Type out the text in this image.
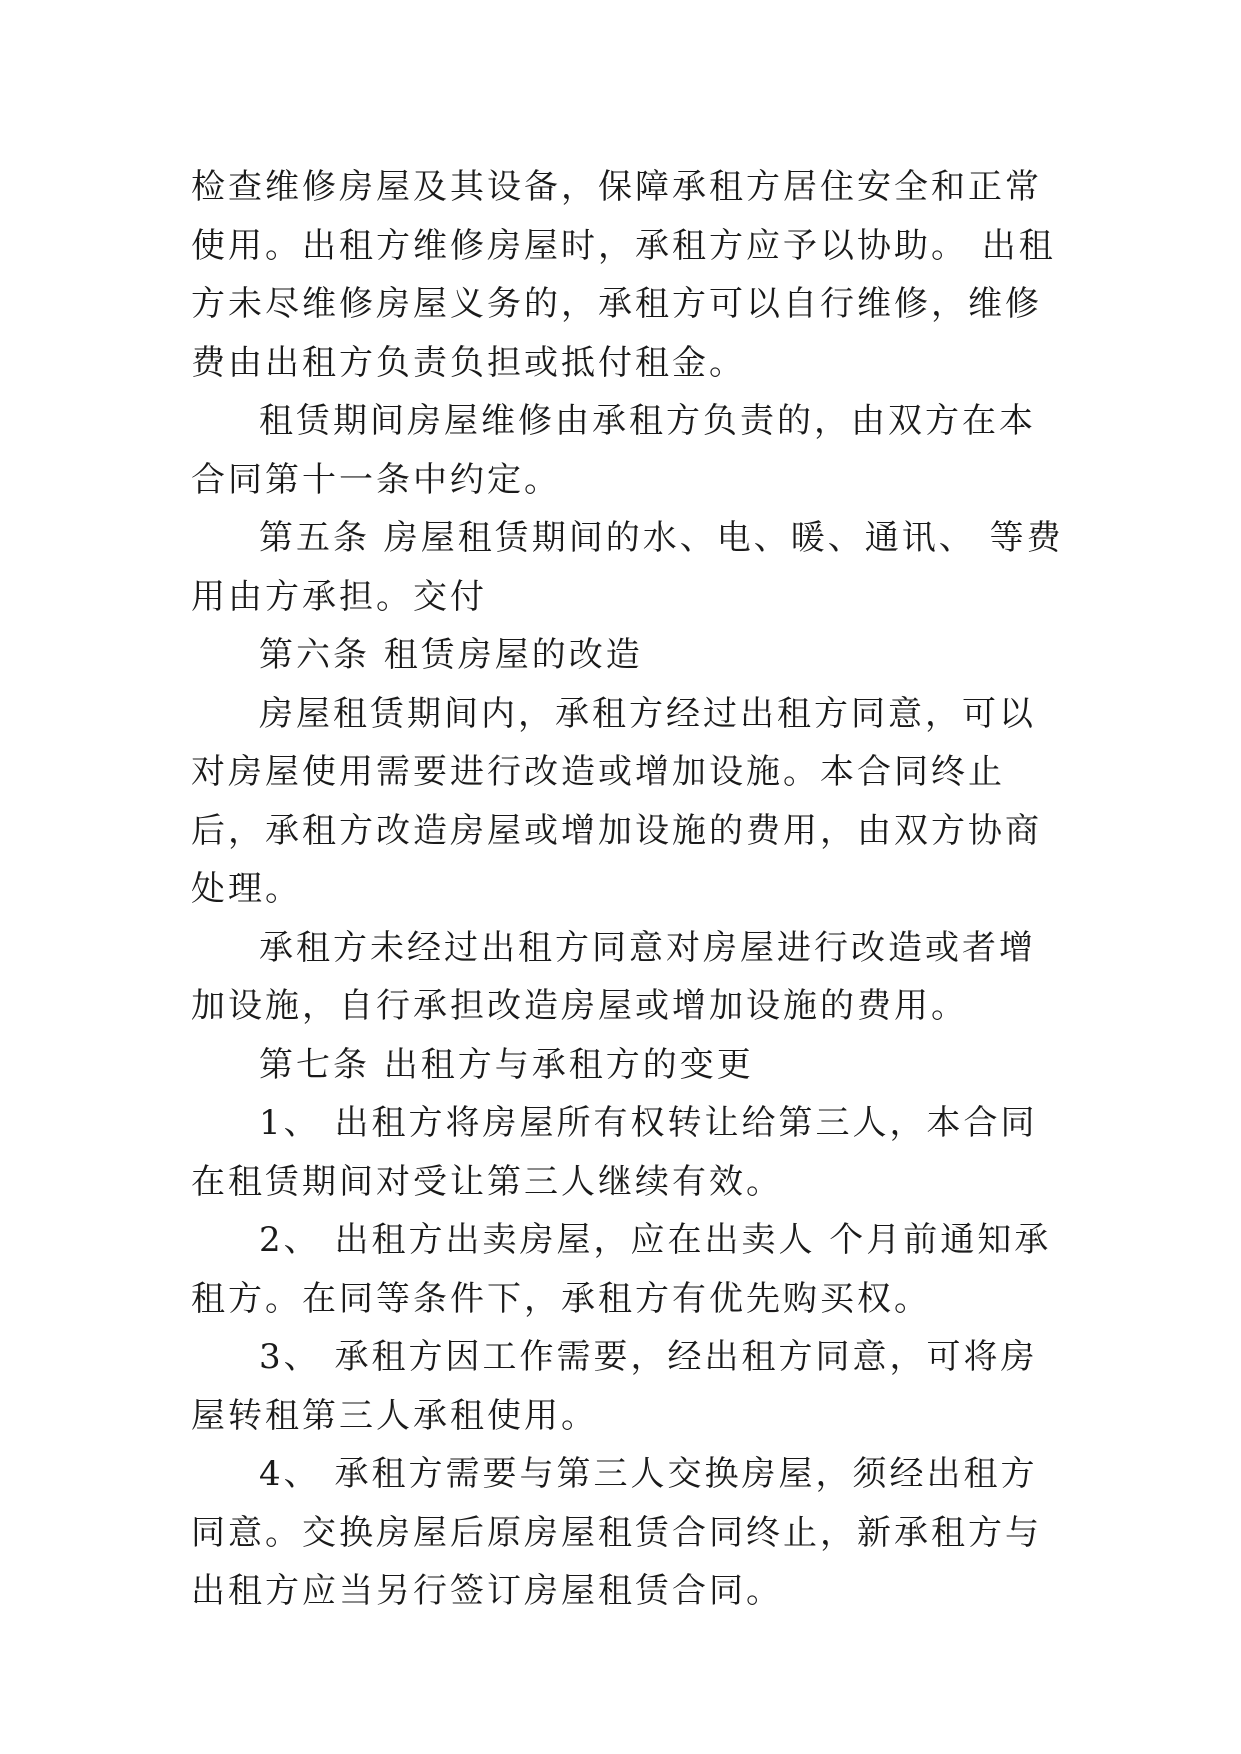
检查维修房屋及其设备，保障承租方居住安全和正常使用。出租方维修房屋时，承租方应予以协助。 出租方未尽维修房屋义务的，承租方可以自行维修，维修费由出租方负责负担或抵付租金。

租赁期间房屋维修由承租方负责的，由双方在本合同第十一条中约定。

第五条 房屋租赁期间的水、电、暖、通讯、 等费用由方承担。交付

第六条 租赁房屋的改造

房屋租赁期间内，承租方经过出租方同意，可以对房屋使用需要进行改造或增加设施。本合同终止后，承租方改造房屋或增加设施的费用，由双方协商处理。

承租方未经过出租方同意对房屋进行改造或者增加设施，自行承担改造房屋或增加设施的费用。

第七条 出租方与承租方的变更

1、 出租方将房屋所有权转让给第三人，本合同在租赁期间对受让第三人继续有效。

2、 出租方出卖房屋，应在出卖人 个月前通知承租方。在同等条件下，承租方有优先购买权。

3、 承租方因工作需要，经出租方同意，可将房屋转租第三人承租使用。

4、 承租方需要与第三人交换房屋，须经出租方同意。交换房屋后原房屋租赁合同终止，新承租方与出租方应当另行签订房屋租赁合同。
